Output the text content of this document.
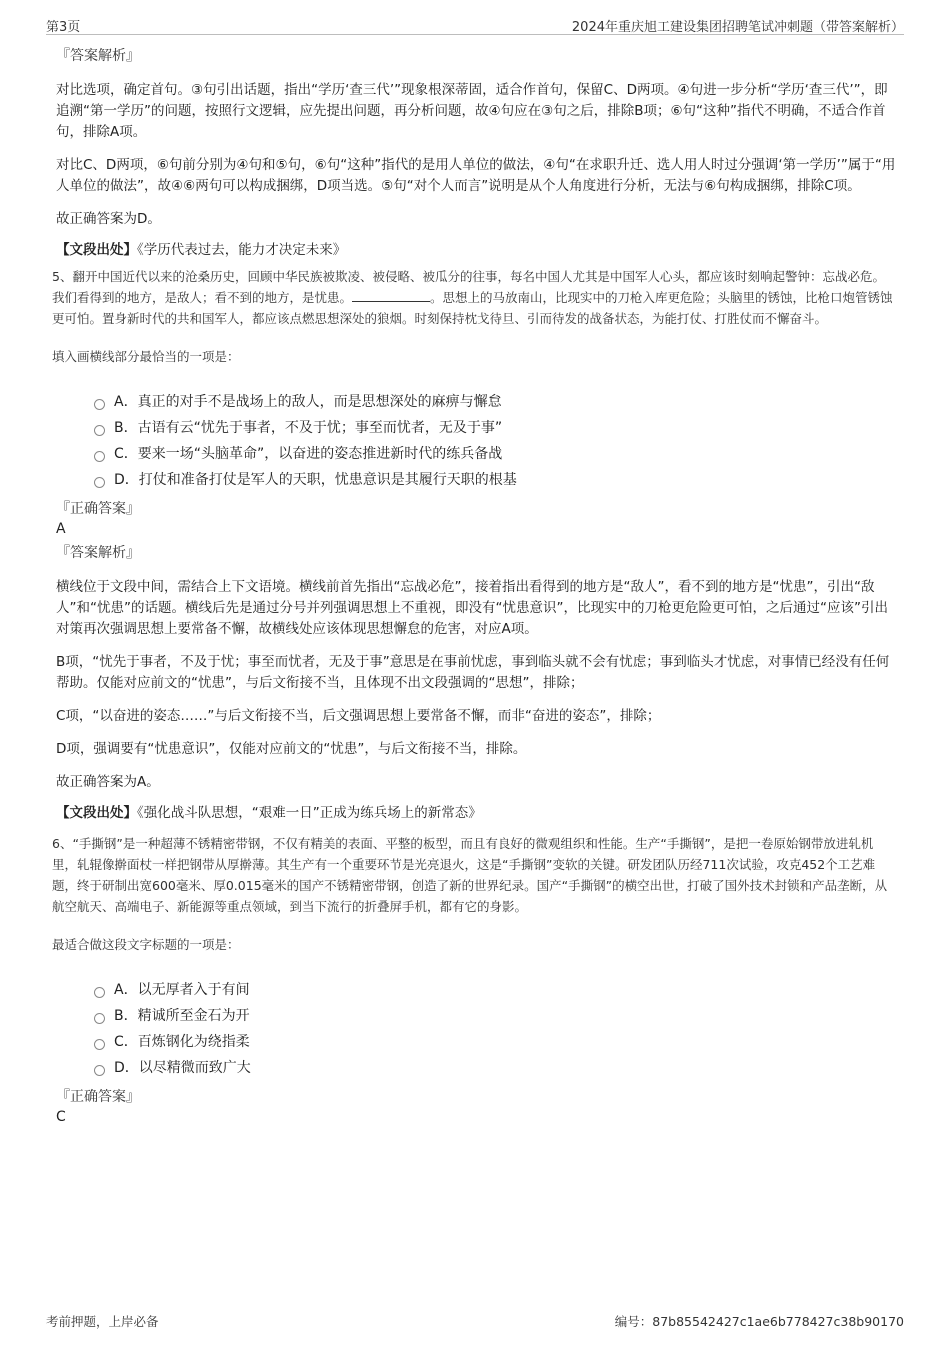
第3页	2024年重庆旭工建设集团招聘笔试冲刺题（带答案解析）

『答案解析』

对比选项，确定首句。③句引出话题，指出“学历‘查三代’”现象根深蒂固，适合作首句，保留C、D两项。④句进一步分析“学历‘查三代’”，即追溯“第一学历”的问题，按照行文逻辑，应先提出问题，再分析问题，故④句应在③句之后，排除B项；⑥句“这种”指代不明确，不适合作首句，排除A项。

对比C、D两项，⑥句前分别为④句和⑤句，⑥句“这种”指代的是用人单位的做法，④句“在求职升迁、选人用人时过分强调‘第一学历’”属于“用人单位的做法”，故④⑥两句可以构成捆绑，D项当选。⑤句“对个人而言”说明是从个人角度进行分析，无法与⑥句构成捆绑，排除C项。

故正确答案为D。

【文段出处】《学历代表过去，能力才决定未来》

5、翻开中国近代以来的沧桑历史，回顾中华民族被欺凌、被侵略、被瓜分的往事，每名中国人尤其是中国军人心头，都应该时刻响起警钟：忘战必危。我们看得到的地方，是敌人；看不到的地方，是忧患。	。思想上的马放南山，比现实中的刀枪入库更危险；头脑里的锈蚀，比枪口炮管锈蚀更可怕。置身新时代的共和国军人，都应该点燃思想深处的狼烟。时刻保持枕戈待旦、引而待发的战备状态，为能打仗、打胜仗而不懈奋斗。

填入画横线部分最恰当的一项是：

A．真正的对手不是战场上的敌人，而是思想深处的麻痹与懈怠
B．古语有云“忧先于事者，不及于忧；事至而忧者，无及于事”
C．要来一场“头脑革命”，以奋进的姿态推进新时代的练兵备战
D．打仗和准备打仗是军人的天职，忧患意识是其履行天职的根基

『正确答案』

A

『答案解析』

横线位于文段中间，需结合上下文语境。横线前首先指出“忘战必危”，接着指出看得到的地方是“敌人”，看不到的地方是“忧患”，引出“敌人”和“忧患”的话题。横线后先是通过分号并列强调思想上不重视，即没有“忧患意识”，比现实中的刀枪更危险更可怕，之后通过“应该”引出对策再次强调思想上要常备不懈，故横线处应该体现思想懈怠的危害，对应A项。

B项，“忧先于事者，不及于忧；事至而忧者，无及于事”意思是在事前忧虑，事到临头就不会有忧虑；事到临头才忧虑，对事情已经没有任何帮助。仅能对应前文的“忧患”，与后文衔接不当，且体现不出文段强调的“思想”，排除；

C项，“以奋进的姿态……”与后文衔接不当，后文强调思想上要常备不懈，而非“奋进的姿态”，排除；

D项，强调要有“忧患意识”，仅能对应前文的“忧患”，与后文衔接不当，排除。

故正确答案为A。

【文段出处】《强化战斗队思想，“艰难一日”正成为练兵场上的新常态》

6、“手撕钢”是一种超薄不锈精密带钢，不仅有精美的表面、平整的板型，而且有良好的微观组织和性能。生产“手撕钢”，是把一卷原始钢带放进轧机里，轧辊像擀面杖一样把钢带从厚擀薄。其生产有一个重要环节是光亮退火，这是“手撕钢”变软的关键。研发团队历经711次试验，攻克452个工艺难题，终于研制出宽600毫米、厚0.015毫米的国产不锈精密带钢，创造了新的世界纪录。国产“手撕钢”的横空出世，打破了国外技术封锁和产品垄断，从航空航天、高端电子、新能源等重点领域，到当下流行的折叠屏手机，都有它的身影。

最适合做这段文字标题的一项是：

A．以无厚者入于有间
B．精诚所至金石为开
C．百炼钢化为绕指柔
D．以尽精微而致广大

『正确答案』

C

考前押题，上岸必备	编号：87b85542427c1ae6b778427c38b90170
